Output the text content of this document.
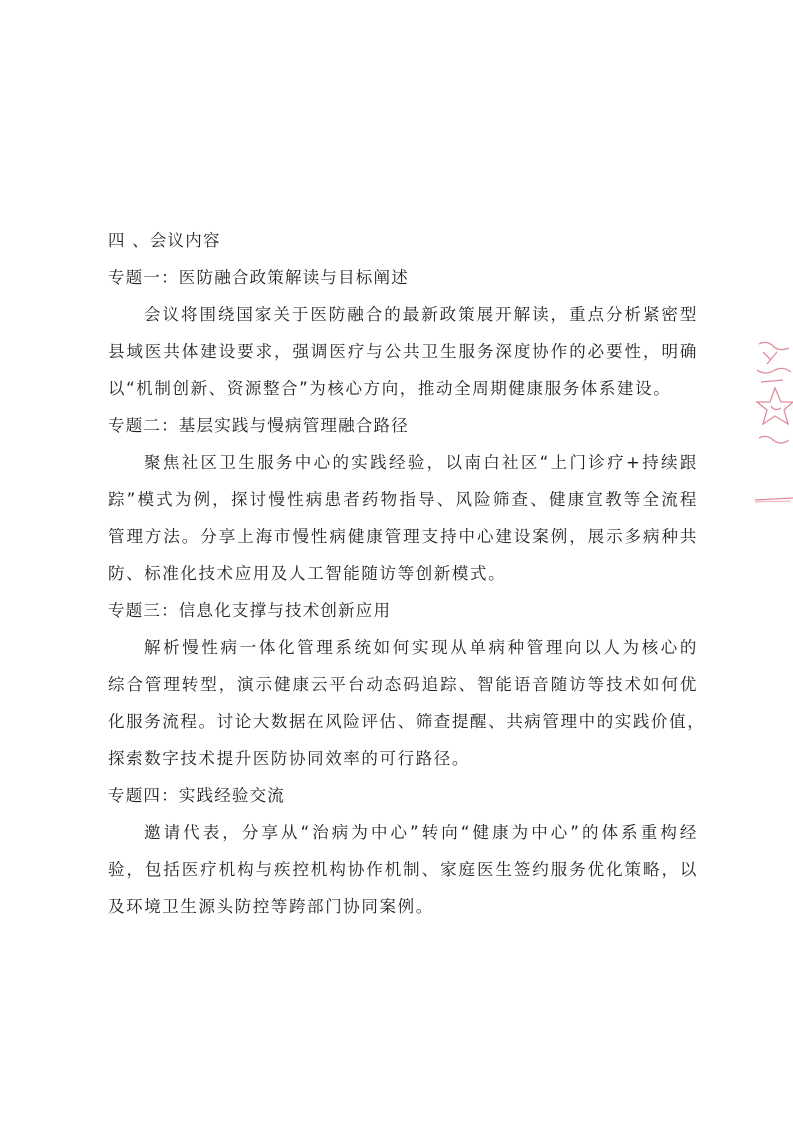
四 、会议内容
专题一：医防融合政策解读与目标阐述
会议将围绕国家关于医防融合的最新政策展开解读，重点分析紧密型
县域医共体建设要求，强调医疗与公共卫生服务深度协作的必要性，明确
以“机制创新、资源整合”为核心方向，推动全周期健康服务体系建设。
专题二：基层实践与慢病管理融合路径
聚焦社区卫生服务中心的实践经验，以南白社区“上门诊疗+持续跟
踪”模式为例，探讨慢性病患者药物指导、风险筛查、健康宣教等全流程
管理方法。分享上海市慢性病健康管理支持中心建设案例，展示多病种共
防、标准化技术应用及人工智能随访等创新模式。
专题三：信息化支撑与技术创新应用
解析慢性病一体化管理系统如何实现从单病种管理向以人为核心的
综合管理转型，演示健康云平台动态码追踪、智能语音随访等技术如何优
化服务流程。讨论大数据在风险评估、筛查提醒、共病管理中的实践价值，
探索数字技术提升医防协同效率的可行路径。
专题四：实践经验交流
邀请代表，分享从“治病为中心”转向“健康为中心”的体系重构经
验，包括医疗机构与疾控机构协作机制、家庭医生签约服务优化策略，以
及环境卫生源头防控等跨部门协同案例。
